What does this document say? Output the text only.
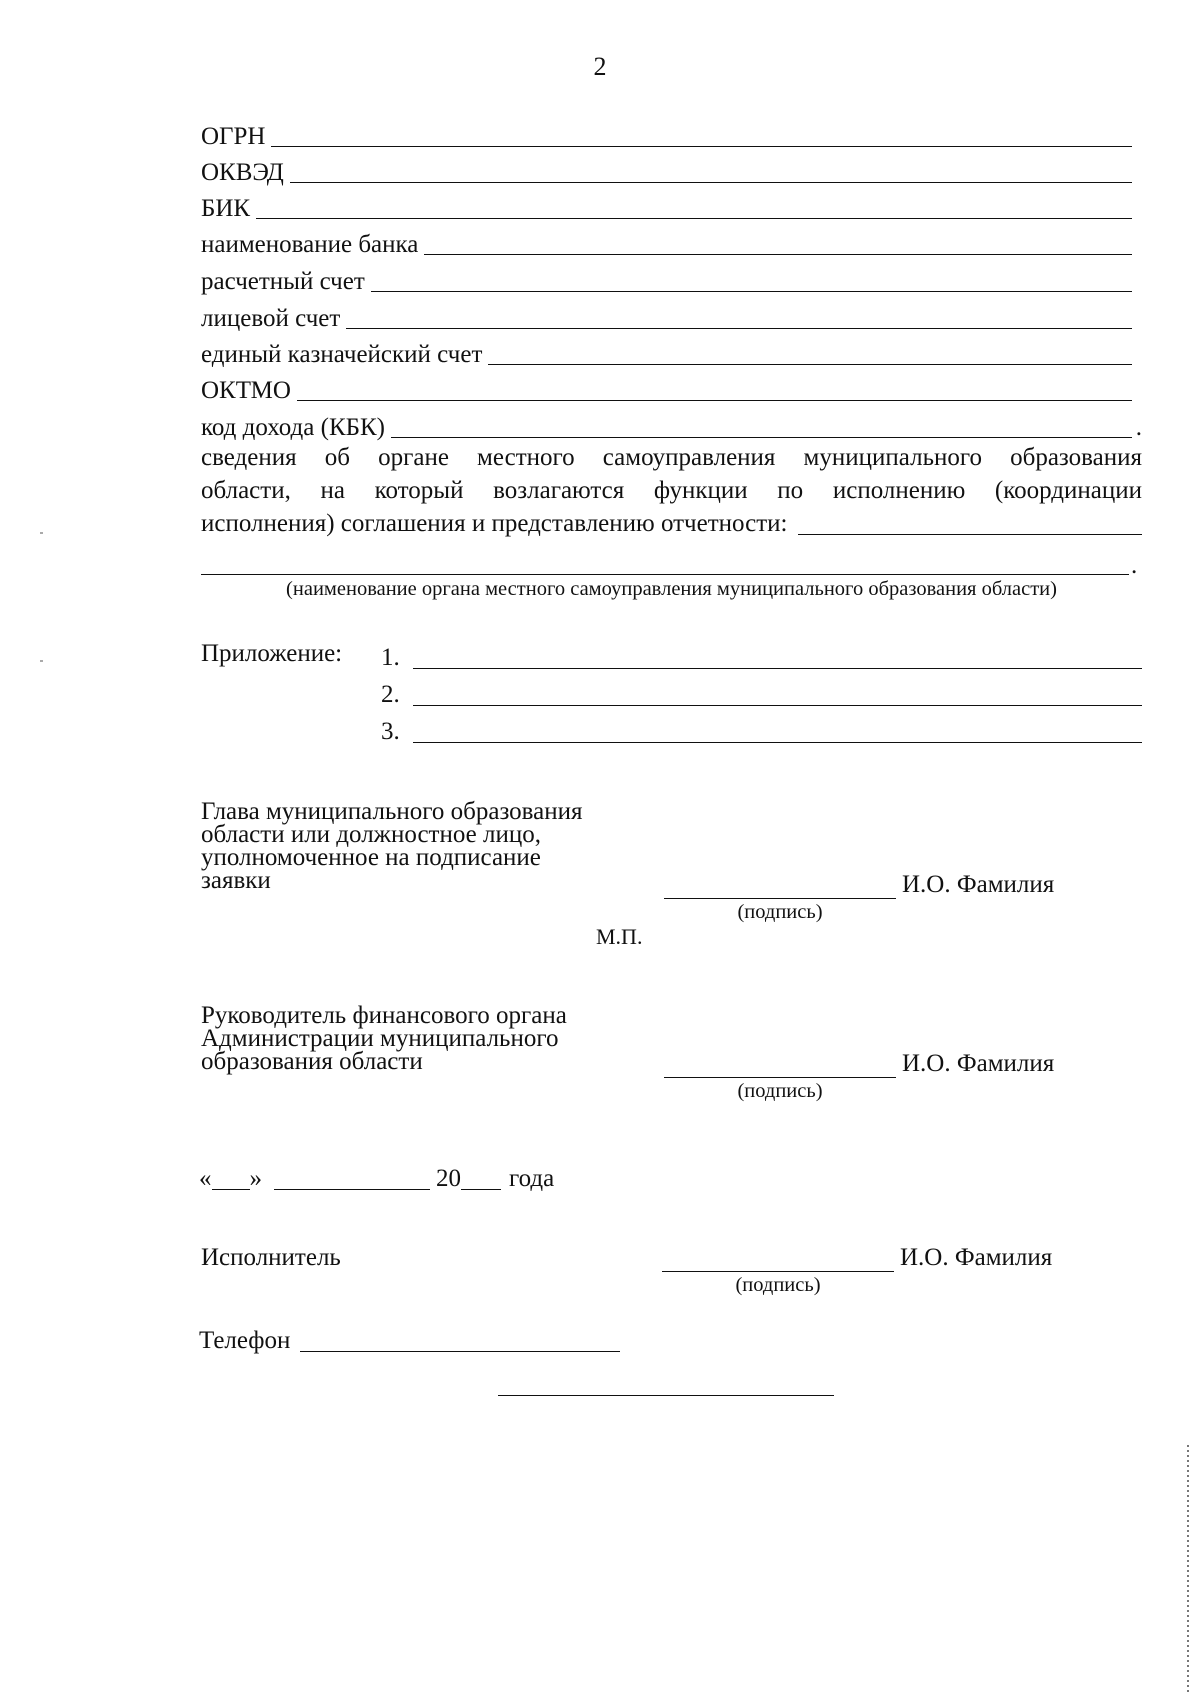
2
ОГРН
ОКВЭД
БИК
наименование банка
расчетный счет
лицевой счет
единый казначейский счет
ОКТМО
код дохода (КБК)	.
сведения об органе местного самоуправления муниципального образования
области, на который возлагаются функции по исполнению (координации
исполнения) соглашения и представлению отчетности:
.
(наименование органа местного самоуправления муниципального образования области)
Приложение: 1.
2.
3.
Глава муниципального образования
области или должностное лицо,
уполномоченное на подписание
заявки	И.О. Фамилия
(подпись)
М.П.
Руководитель финансового органа
Администрации муниципального
образования области	И.О. Фамилия
(подпись)
« »	20 года
Исполнитель	И.О. Фамилия
(подпись)
Телефон
